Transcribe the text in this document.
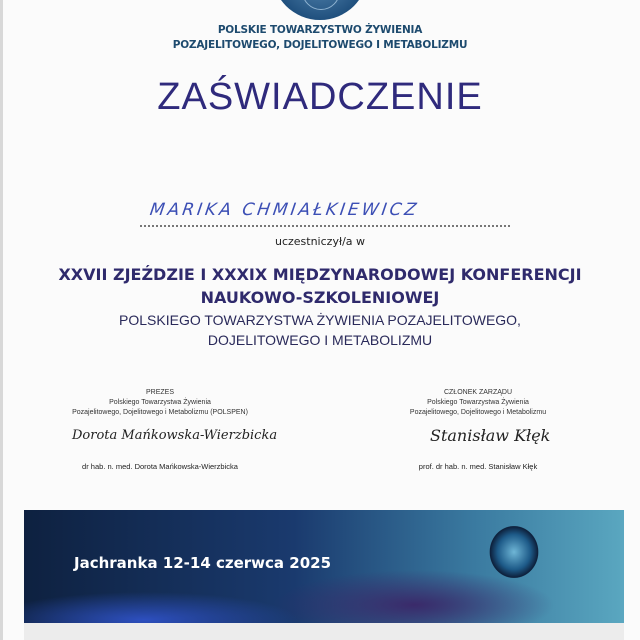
POLSKIE TOWARZYSTWO ŻYWIENIA
POZAJELITOWEGO, DOJELITOWEGO I METABOLIZMU
ZAŚWIADCZENIE
MARIKA CHMIAŁKIEWICZ
uczestniczył/a w
XXVII ZJEŹDZIE I XXXIX MIĘDZYNARODOWEJ KONFERENCJI
NAUKOWO-SZKOLENIOWEJ
POLSKIEGO TOWARZYSTWA ŻYWIENIA POZAJELITOWEGO,
DOJELITOWEGO I METABOLIZMU
PREZES
Polskiego Towarzystwa Żywienia
Pozajelitowego, Dojelitowego i Metabolizmu (POLSPEN)
Dorota Mańkowska-Wierzbicka
dr hab. n. med. Dorota Mańkowska-Wierzbicka
CZŁONEK ZARZĄDU
Polskiego Towarzystwa Żywienia
Pozajelitowego, Dojelitowego i Metabolizmu
Stanisław Kłęk
prof. dr hab. n. med. Stanisław Kłęk
Jachranka 12-14 czerwca 2025
